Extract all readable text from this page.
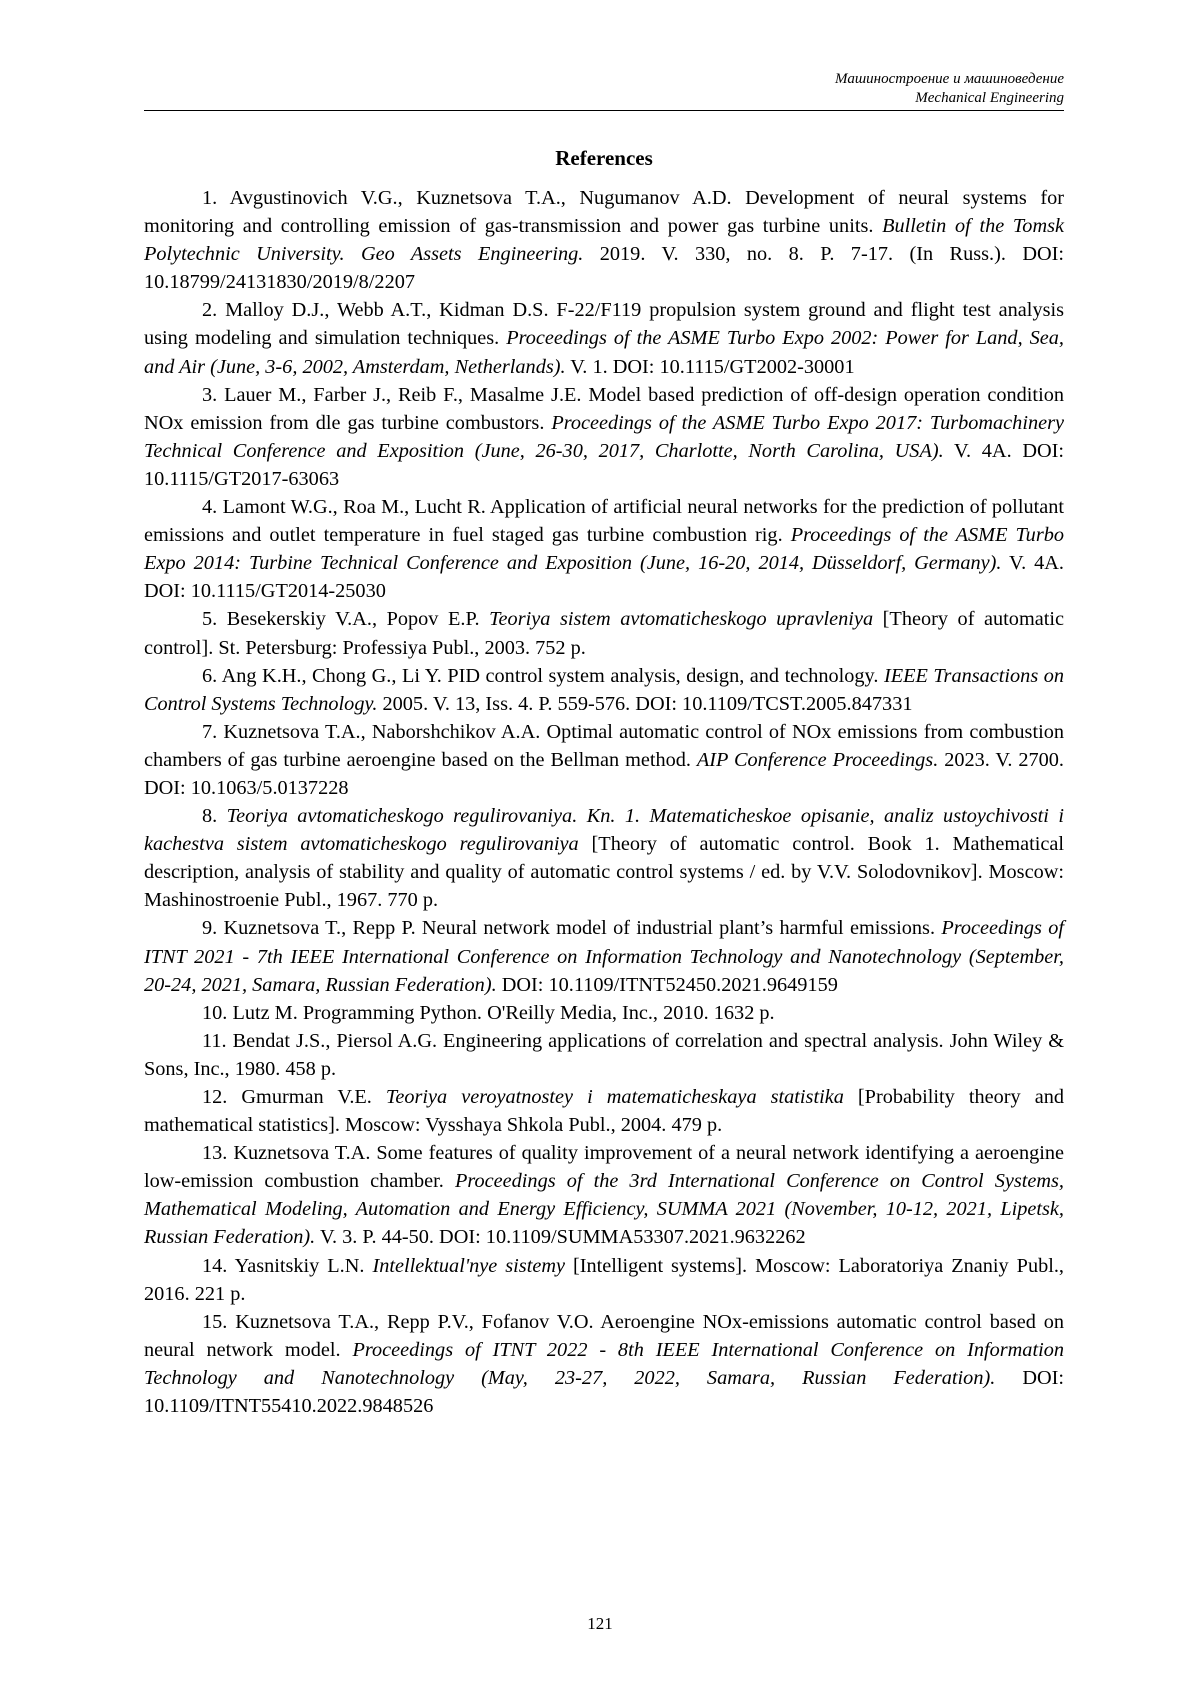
Машиностроение и машиноведение
Mechanical Engineering
References
1. Avgustinovich V.G., Kuznetsova T.A., Nugumanov A.D. Development of neural systems for monitoring and controlling emission of gas-transmission and power gas turbine units. Bulletin of the Tomsk Polytechnic University. Geo Assets Engineering. 2019. V. 330, no. 8. P. 7-17. (In Russ.). DOI: 10.18799/24131830/2019/8/2207
2. Malloy D.J., Webb A.T., Kidman D.S. F-22/F119 propulsion system ground and flight test analysis using modeling and simulation techniques. Proceedings of the ASME Turbo Expo 2002: Power for Land, Sea, and Air (June, 3-6, 2002, Amsterdam, Netherlands). V. 1. DOI: 10.1115/GT2002-30001
3. Lauer M., Farber J., Reib F., Masalme J.E. Model based prediction of off-design operation condition NOx emission from dle gas turbine combustors. Proceedings of the ASME Turbo Expo 2017: Turbomachinery Technical Conference and Exposition (June, 26-30, 2017, Charlotte, North Carolina, USA). V. 4A. DOI: 10.1115/GT2017-63063
4. Lamont W.G., Roa M., Lucht R. Application of artificial neural networks for the prediction of pollutant emissions and outlet temperature in fuel staged gas turbine combustion rig. Proceedings of the ASME Turbo Expo 2014: Turbine Technical Conference and Exposition (June, 16-20, 2014, Düsseldorf, Germany). V. 4A. DOI: 10.1115/GT2014-25030
5. Besekerskiy V.A., Popov E.P. Teoriya sistem avtomaticheskogo upravleniya [Theory of automatic control]. St. Petersburg: Professiya Publ., 2003. 752 p.
6. Ang K.H., Chong G., Li Y. PID control system analysis, design, and technology. IEEE Transactions on Control Systems Technology. 2005. V. 13, Iss. 4. P. 559-576. DOI: 10.1109/TCST.2005.847331
7. Kuznetsova T.A., Naborshchikov A.A. Optimal automatic control of NOx emissions from combustion chambers of gas turbine aeroengine based on the Bellman method. AIP Conference Proceedings. 2023. V. 2700. DOI: 10.1063/5.0137228
8. Teoriya avtomaticheskogo regulirovaniya. Kn. 1. Matematicheskoe opisanie, analiz ustoychivosti i kachestva sistem avtomaticheskogo regulirovaniya [Theory of automatic control. Book 1. Mathematical description, analysis of stability and quality of automatic control systems / ed. by V.V. Solodovnikov]. Moscow: Mashinostroenie Publ., 1967. 770 p.
9. Kuznetsova T., Repp P. Neural network model of industrial plant’s harmful emissions. Proceedings of ITNT 2021 - 7th IEEE International Conference on Information Technology and Nanotechnology (September, 20-24, 2021, Samara, Russian Federation). DOI: 10.1109/ITNT52450.2021.9649159
10. Lutz M. Programming Python. O'Reilly Media, Inc., 2010. 1632 p.
11. Bendat J.S., Piersol A.G. Engineering applications of correlation and spectral analysis. John Wiley & Sons, Inc., 1980. 458 p.
12. Gmurman V.E. Teoriya veroyatnostey i matematicheskaya statistika [Probability theory and mathematical statistics]. Moscow: Vysshaya Shkola Publ., 2004. 479 p.
13. Kuznetsova T.A. Some features of quality improvement of a neural network identifying a aeroengine low-emission combustion chamber. Proceedings of the 3rd International Conference on Control Systems, Mathematical Modeling, Automation and Energy Efficiency, SUMMA 2021 (November, 10-12, 2021, Lipetsk, Russian Federation). V. 3. P. 44-50. DOI: 10.1109/SUMMA53307.2021.9632262
14. Yasnitskiy L.N. Intellektual'nye sistemy [Intelligent systems]. Moscow: Laboratoriya Znaniy Publ., 2016. 221 p.
15. Kuznetsova T.A., Repp P.V., Fofanov V.O. Aeroengine NOx-emissions automatic control based on neural network model. Proceedings of ITNT 2022 - 8th IEEE International Conference on Information Technology and Nanotechnology (May, 23-27, 2022, Samara, Russian Federation). DOI: 10.1109/ITNT55410.2022.9848526
121
